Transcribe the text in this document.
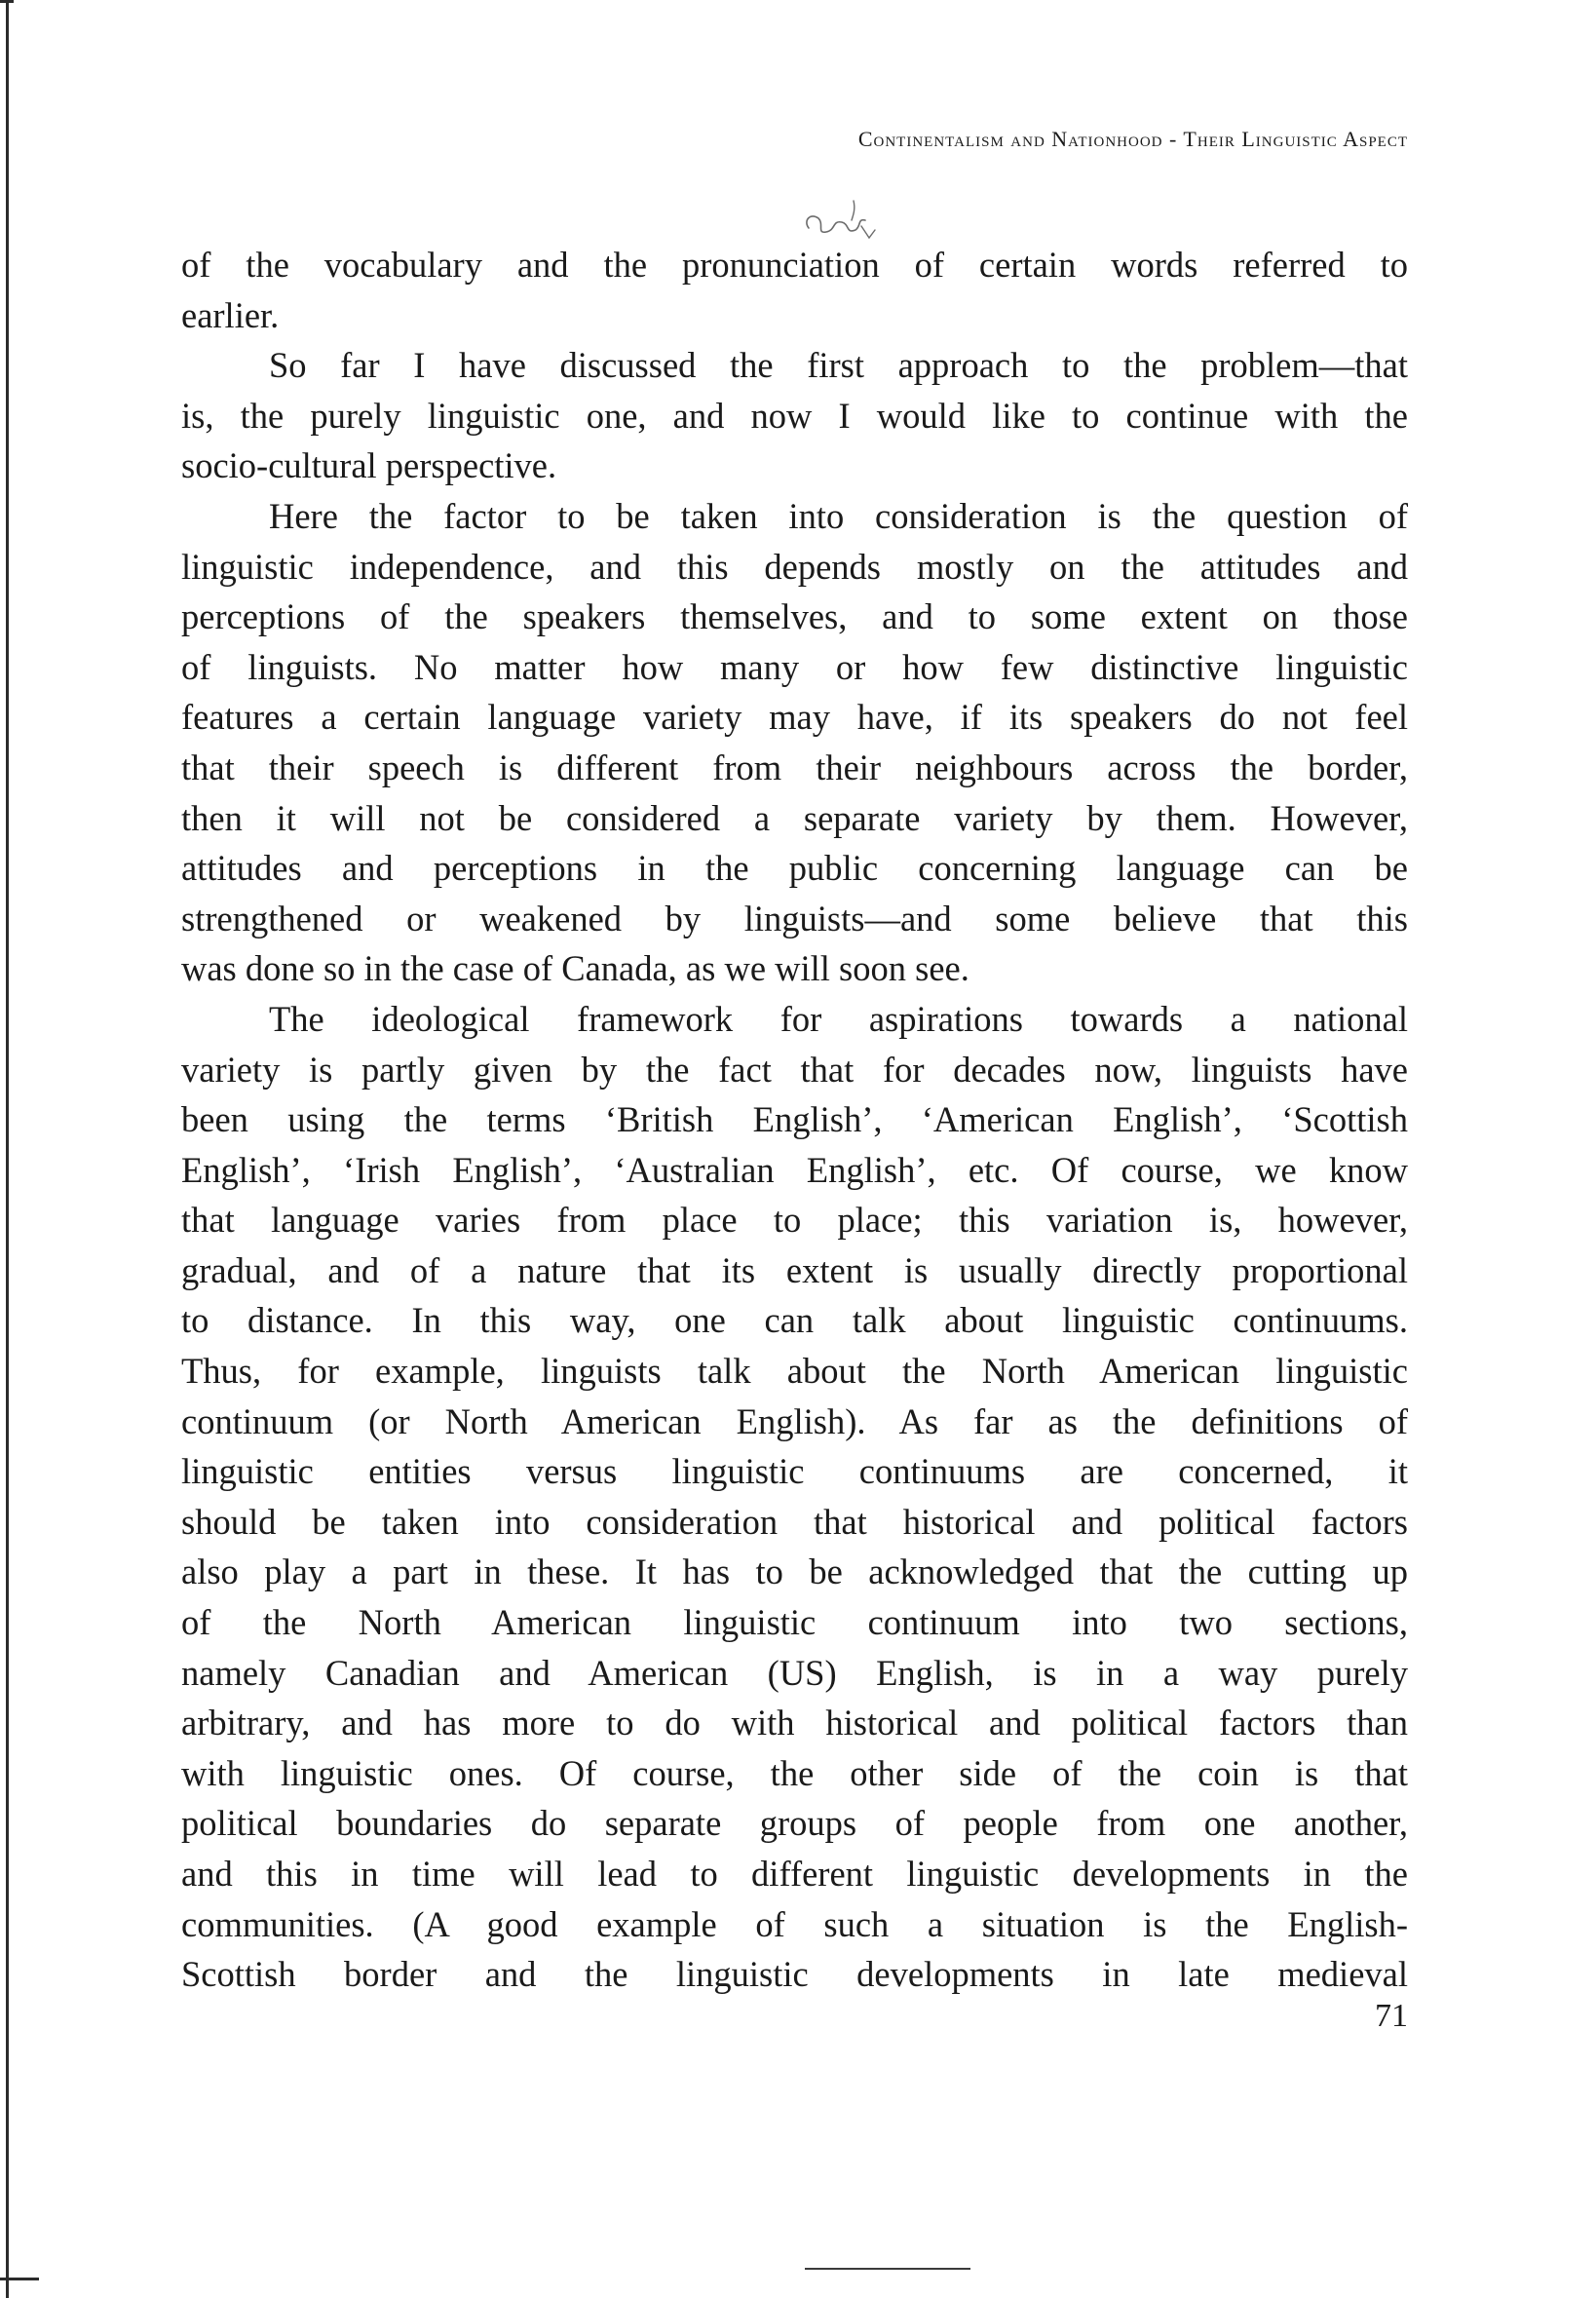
Continentalism and Nationhood - Their Linguistic Aspect
of the vocabulary and the pronunciation of certain words referred to
earlier.
So far I have discussed the first approach to the problem—that
is, the purely linguistic one, and now I would like to continue with the
socio-cultural perspective.
Here the factor to be taken into consideration is the question of
linguistic independence, and this depends mostly on the attitudes and
perceptions of the speakers themselves, and to some extent on those
of linguists. No matter how many or how few distinctive linguistic
features a certain language variety may have, if its speakers do not feel
that their speech is different from their neighbours across the border,
then it will not be considered a separate variety by them. However,
attitudes and perceptions in the public concerning language can be
strengthened or weakened by linguists—and some believe that this
was done so in the case of Canada, as we will soon see.
The ideological framework for aspirations towards a national
variety is partly given by the fact that for decades now, linguists have
been using the terms ‘British English’, ‘American English’, ‘Scottish
English’, ‘Irish English’, ‘Australian English’, etc. Of course, we know
that language varies from place to place; this variation is, however,
gradual, and of a nature that its extent is usually directly proportional
to distance. In this way, one can talk about linguistic continuums.
Thus, for example, linguists talk about the North American linguistic
continuum (or North American English). As far as the definitions of
linguistic entities versus linguistic continuums are concerned, it
should be taken into consideration that historical and political factors
also play a part in these. It has to be acknowledged that the cutting up
of the North American linguistic continuum into two sections,
namely Canadian and American (US) English, is in a way purely
arbitrary, and has more to do with historical and political factors than
with linguistic ones. Of course, the other side of the coin is that
political boundaries do separate groups of people from one another,
and this in time will lead to different linguistic developments in the
communities. (A good example of such a situation is the English-
Scottish border and the linguistic developments in late medieval
71
